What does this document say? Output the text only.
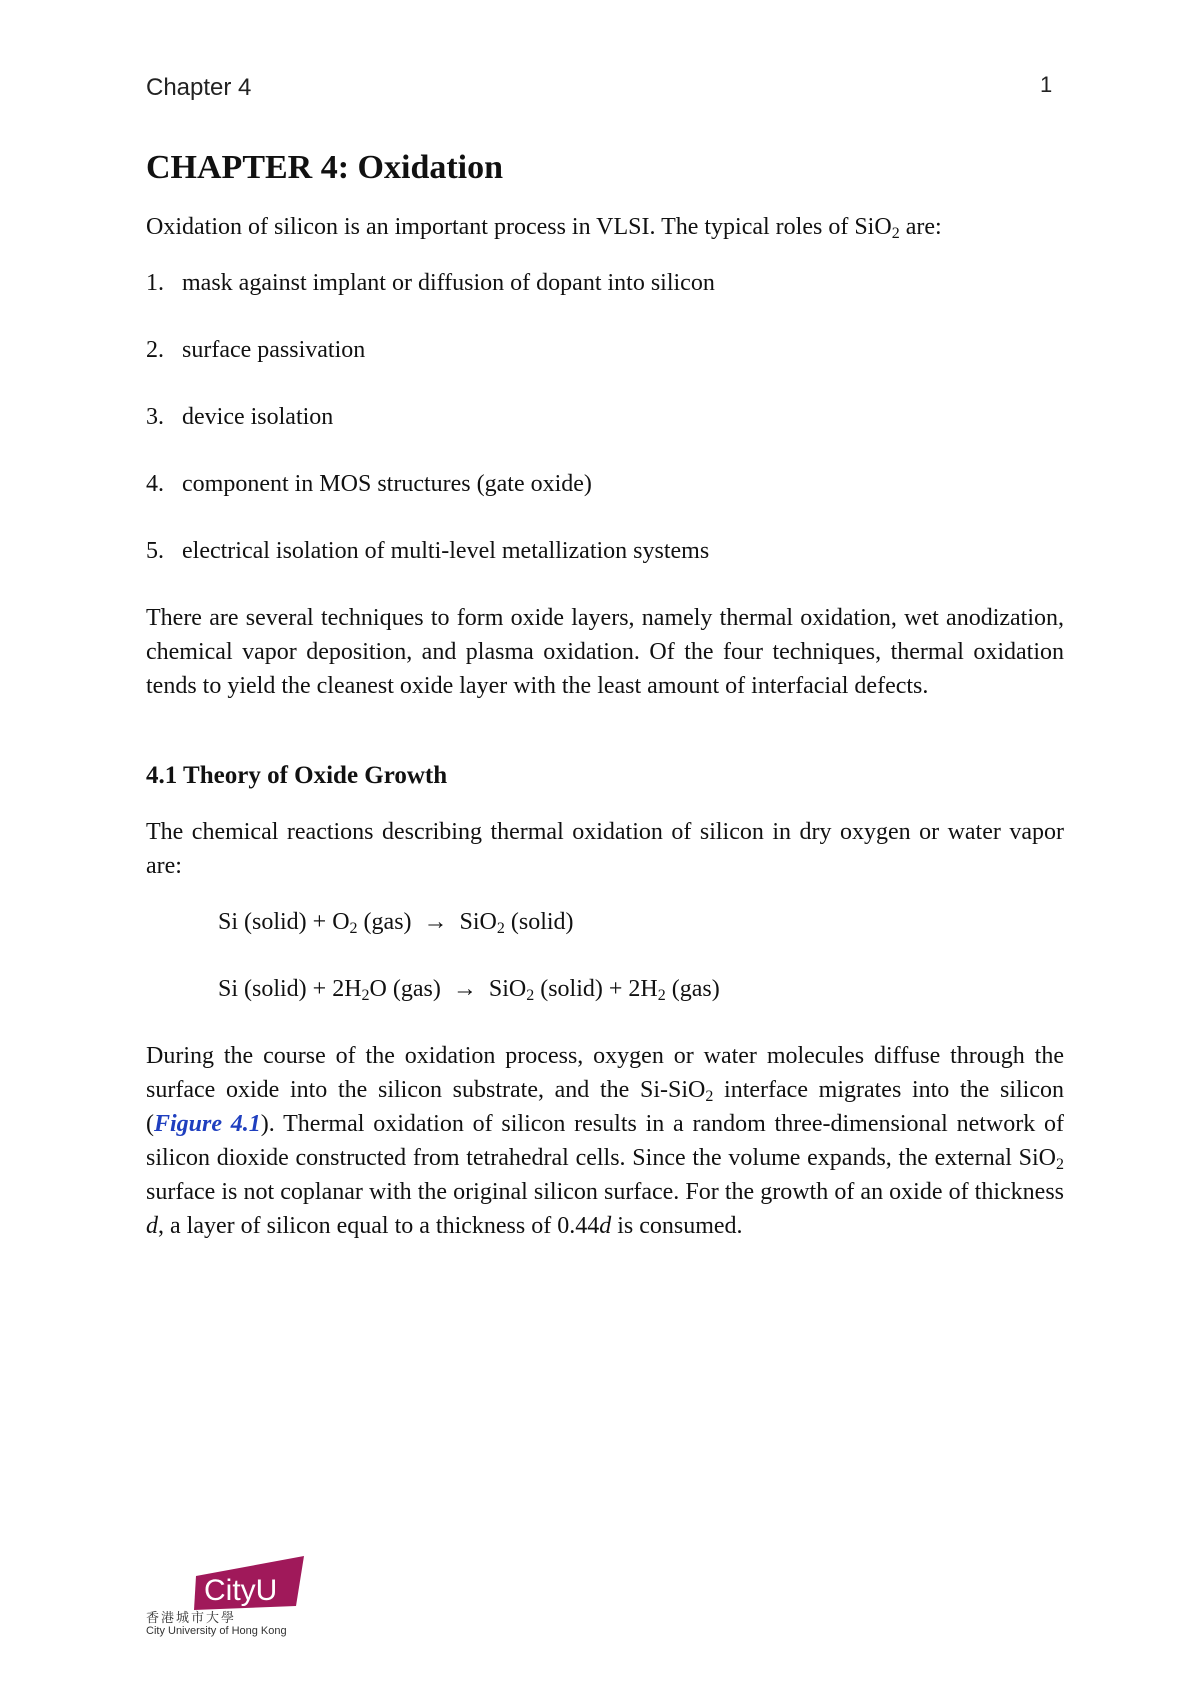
Chapter 4	1
CHAPTER 4: Oxidation

Oxidation of silicon is an important process in VLSI. The typical roles of SiO$_2$ are:

1. mask against implant or diffusion of dopant into silicon
2. surface passivation
3. device isolation
4. component in MOS structures (gate oxide)
5. electrical isolation of multi-level metallization systems

There are several techniques to form oxide layers, namely thermal oxidation, wet anodization, chemical vapor deposition, and plasma oxidation. Of the four techniques, thermal oxidation tends to yield the cleanest oxide layer with the least amount of interfacial defects.

4.1 Theory of Oxide Growth

The chemical reactions describing thermal oxidation of silicon in dry oxygen or water vapor are:

Si (solid) + $O_2$ (gas) → SiO$_2$ (solid)
Si (solid) + $2H_2O$ (gas) → SiO$_2$ (solid) + $2H_2$ (gas)

During the course of the oxidation process, oxygen or water molecules diffuse through the surface oxide into the silicon substrate, and the Si-SiO$_2$ interface migrates into the silicon (Figure 4.1). Thermal oxidation of silicon results in a random three-dimensional network of silicon dioxide constructed from tetrahedral cells. Since the volume expands, the external SiO$_2$ surface is not coplanar with the original silicon surface. For the growth of an oxide of thickness d, a layer of silicon equal to a thickness of 0.44d is consumed.

CityU
香港城市大學
City University of Hong Kong
